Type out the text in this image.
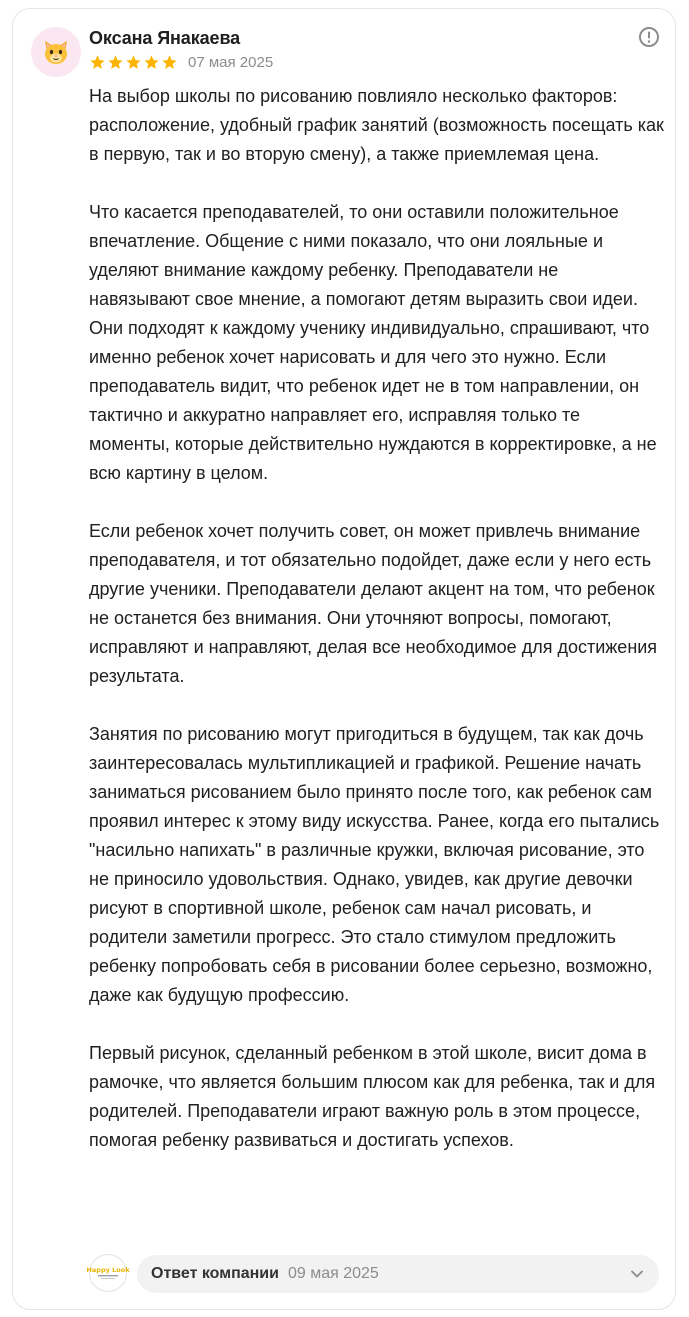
Оксана Янакаева
07 мая 2025

На выбор школы по рисованию повлияло несколько факторов: расположение, удобный график занятий (возможность посещать как в первую, так и во вторую смену), а также приемлемая цена.

Что касается преподавателей, то они оставили положительное впечатление. Общение с ними показало, что они лояльные и уделяют внимание каждому ребенку. Преподаватели не навязывают свое мнение, а помогают детям выразить свои идеи. Они подходят к каждому ученику индивидуально, спрашивают, что именно ребенок хочет нарисовать и для чего это нужно. Если преподаватель видит, что ребенок идет не в том направлении, он тактично и аккуратно направляет его, исправляя только те моменты, которые действительно нуждаются в корректировке, а не всю картину в целом.

Если ребенок хочет получить совет, он может привлечь внимание преподавателя, и тот обязательно подойдет, даже если у него есть другие ученики. Преподаватели делают акцент на том, что ребенок не останется без внимания. Они уточняют вопросы, помогают, исправляют и направляют, делая все необходимое для достижения результата.

Занятия по рисованию могут пригодиться в будущем, так как дочь заинтересовалась мультипликацией и графикой. Решение начать заниматься рисованием было принято после того, как ребенок сам проявил интерес к этому виду искусства. Ранее, когда его пытались "насильно напихать" в различные кружки, включая рисование, это не приносило удовольствия. Однако, увидев, как другие девочки рисуют в спортивной школе, ребенок сам начал рисовать, и родители заметили прогресс. Это стало стимулом предложить ребенку попробовать себя в рисовании более серьезно, возможно, даже как будущую профессию.

Первый рисунок, сделанный ребенком в этой школе, висит дома в рамочке, что является большим плюсом как для ребенка, так и для родителей. Преподаватели играют важную роль в этом процессе, помогая ребенку развиваться и достигать успехов.

Happy Look Ответ компании 09 мая 2025
